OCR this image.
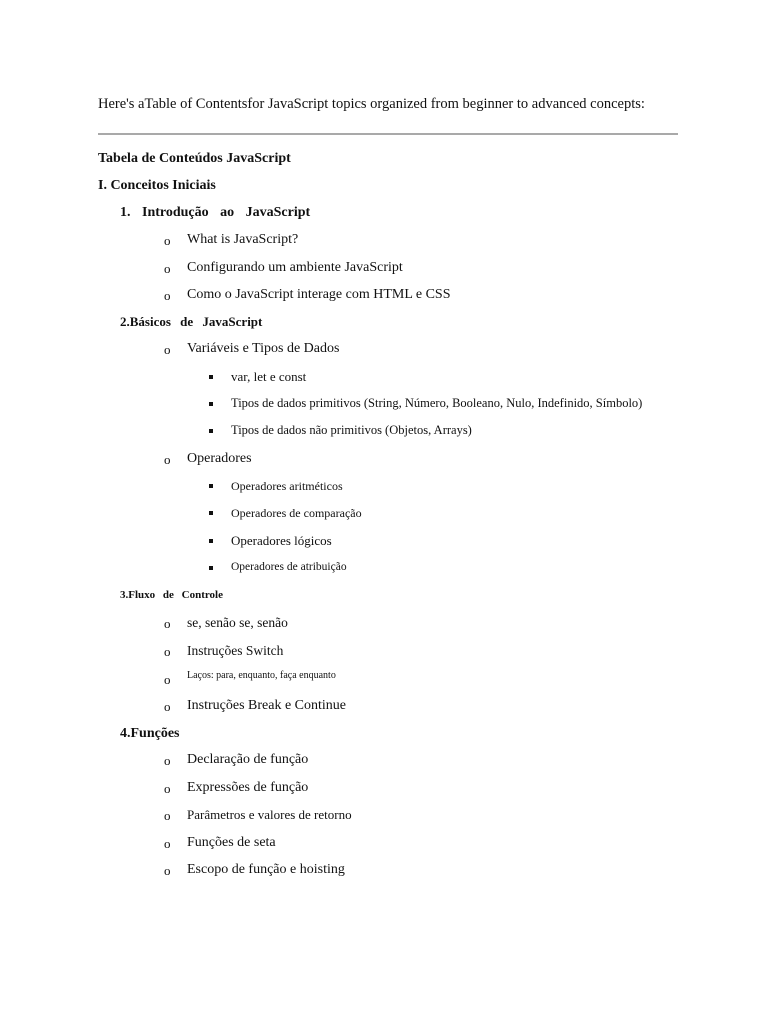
Here's aTable of Contentsfor JavaScript topics organized from beginner to advanced concepts:
Tabela de Conteúdos JavaScript
I. Conceitos Iniciais
1. Introdução ao JavaScript
o What is JavaScript?
o Configurando um ambiente JavaScript
o Como o JavaScript interage com HTML e CSS
2.Básicos de JavaScript
o Variáveis e Tipos de Dados
var, let e const
Tipos de dados primitivos (String, Número, Booleano, Nulo, Indefinido, Símbolo)
Tipos de dados não primitivos (Objetos, Arrays)
o Operadores
Operadores aritméticos
Operadores de comparação
Operadores lógicos
Operadores de atribuição
3.Fluxo de Controle
o se, senão se, senão
o Instruções Switch
o Laços: para, enquanto, faça enquanto
o Instruções Break e Continue
4.Funções
o Declaração de função
o Expressões de função
o Parâmetros e valores de retorno
o Funções de seta
o Escopo de função e hoisting
